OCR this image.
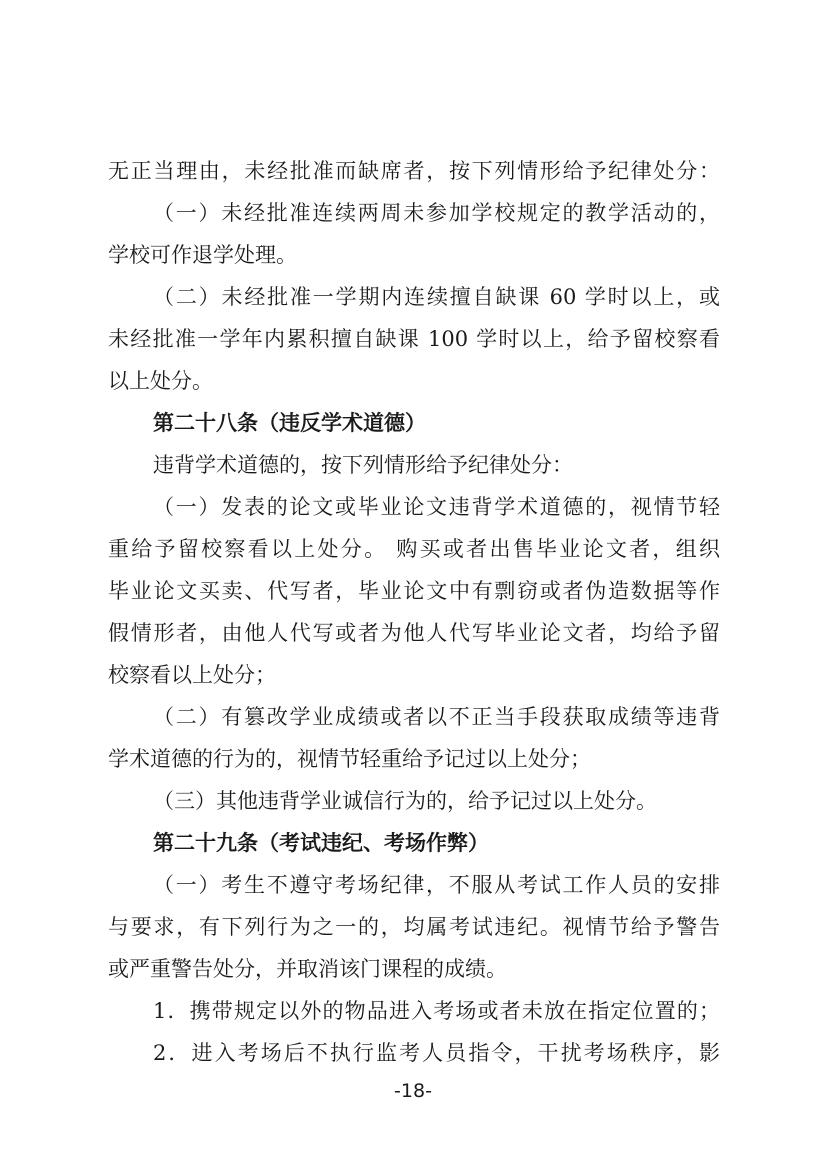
无正当理由，未经批准而缺席者，按下列情形给予纪律处分：
（一）未经批准连续两周未参加学校规定的教学活动的，
学校可作退学处理。
（二）未经批准一学期内连续擅自缺课 60 学时以上，或
未经批准一学年内累积擅自缺课 100 学时以上，给予留校察看
以上处分。
第二十八条（违反学术道德）
违背学术道德的，按下列情形给予纪律处分：
（一）发表的论文或毕业论文违背学术道德的，视情节轻
重给予留校察看以上处分。 购买或者出售毕业论文者，组织
毕业论文买卖、代写者，毕业论文中有剽窃或者伪造数据等作
假情形者，由他人代写或者为他人代写毕业论文者，均给予留
校察看以上处分；
（二）有篡改学业成绩或者以不正当手段获取成绩等违背
学术道德的行为的，视情节轻重给予记过以上处分；
（三）其他违背学业诚信行为的，给予记过以上处分。
第二十九条（考试违纪、考场作弊）
（一）考生不遵守考场纪律，不服从考试工作人员的安排
与要求，有下列行为之一的，均属考试违纪。视情节给予警告
或严重警告处分，并取消该门课程的成绩。
1．携带规定以外的物品进入考场或者未放在指定位置的；
2．进入考场后不执行监考人员指令，干扰考场秩序，影
-18-
